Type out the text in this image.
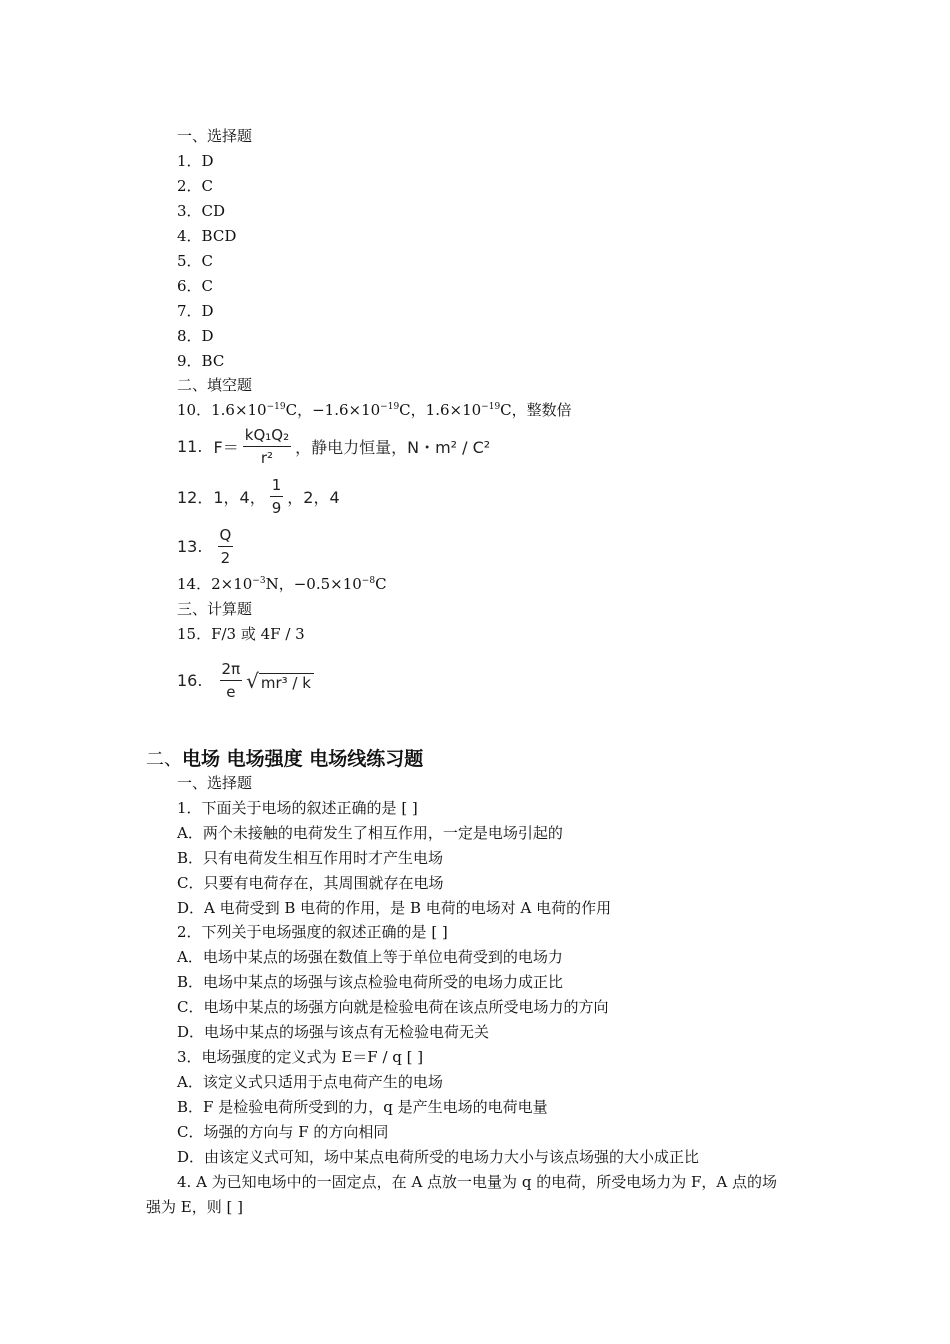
一、选择题
1．D
2．C
3．CD
4．BCD
5．C
6．C
7．D
8．D
9．BC
二、填空题
10．$1.6\times 10^{-19}C$，$-1.6\times 10^{-19}C$，$1.6\times 10^{-19}C$，整数倍
11. $F= \frac{\text{kQ₁Q₂}}{\text{r²}}$ ，静电力恒量，N・m² / C²
12．1，4， $\frac{1}{9}$ ，2，4
13. $\frac{Q}{2}$
14．$2\times 10^{-3}N$，$-0.5\times 10^{-8}C$
三、计算题
15．F/3 或 4F / 3
16. $\frac{2\pi}{e}$ √ mr³ / k
二、电场 电场强度 电场线练习题
一、选择题
1．下面关于电场的叙述正确的是 [ ]
A．两个未接触的电荷发生了相互作用，一定是电场引起的
B．只有电荷发生相互作用时才产生电场
C．只要有电荷存在，其周围就存在电场
D．A 电荷受到 B 电荷的作用，是 B 电荷的电场对 A 电荷的作用
2．下列关于电场强度的叙述正确的是 [ ]
A．电场中某点的场强在数值上等于单位电荷受到的电场力
B．电场中某点的场强与该点检验电荷所受的电场力成正比
C．电场中某点的场强方向就是检验电荷在该点所受电场力的方向
D．电场中某点的场强与该点有无检验电荷无关
3．电场强度的定义式为 E＝F / q [ ]
A．该定义式只适用于点电荷产生的电场
B．F 是检验电荷所受到的力，q 是产生电场的电荷电量
C．场强的方向与 F 的方向相同
D．由该定义式可知，场中某点电荷所受的电场力大小与该点场强的大小成正比
4. A 为已知电场中的一固定点，在 A 点放一电量为 q 的电荷，所受电场力为 F，A 点的场
强为 E，则 [ ]
